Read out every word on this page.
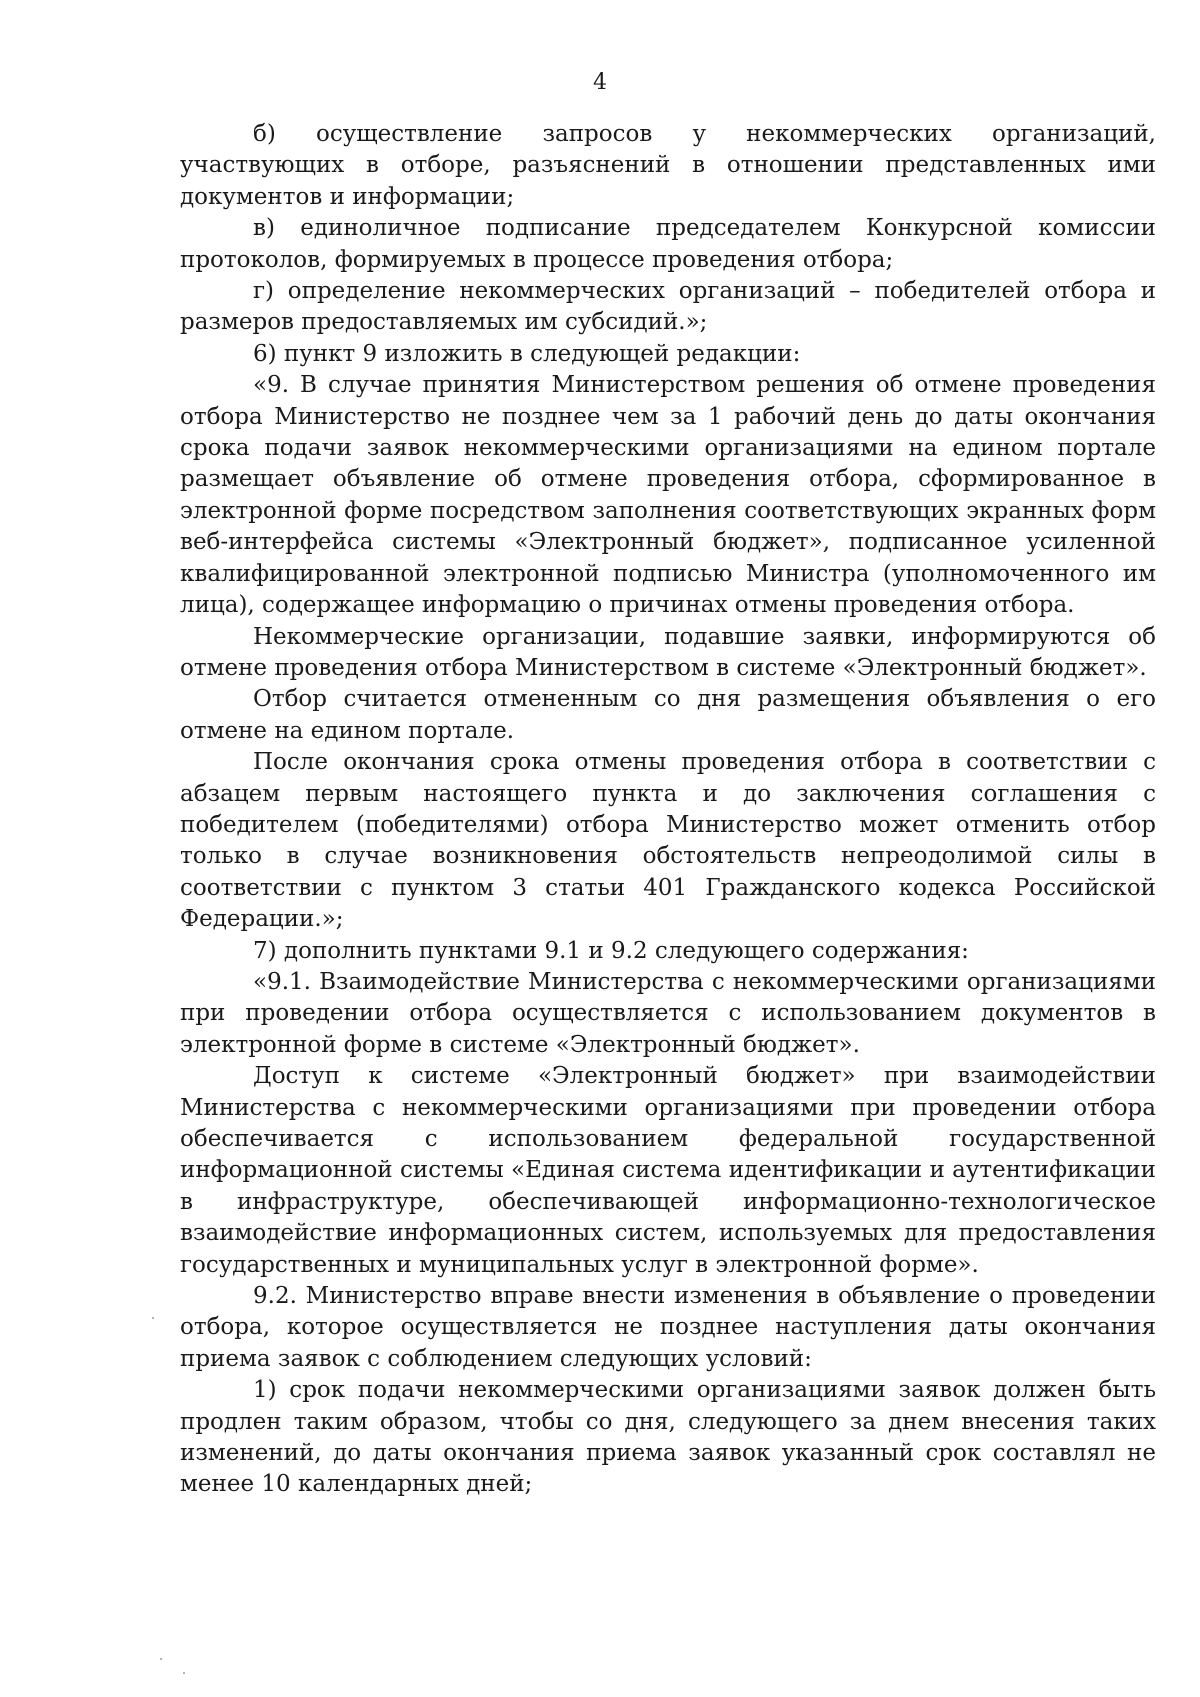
4

б) осуществление запросов у некоммерческих организаций, участвующих в отборе, разъяснений в отношении представленных ими документов и информации;

в) единоличное подписание председателем Конкурсной комиссии протоколов, формируемых в процессе проведения отбора;

г) определение некоммерческих организаций – победителей отбора и размеров предоставляемых им субсидий.»;

6) пункт 9 изложить в следующей редакции:

«9. В случае принятия Министерством решения об отмене проведения отбора Министерство не позднее чем за 1 рабочий день до даты окончания срока подачи заявок некоммерческими организациями на едином портале размещает объявление об отмене проведения отбора, сформированное в электронной форме посредством заполнения соответствующих экранных форм веб-интерфейса системы «Электронный бюджет», подписанное усиленной квалифицированной электронной подписью Министра (уполномоченного им лица), содержащее информацию о причинах отмены проведения отбора.

Некоммерческие организации, подавшие заявки, информируются об отмене проведения отбора Министерством в системе «Электронный бюджет».

Отбор считается отмененным со дня размещения объявления о его отмене на едином портале.

После окончания срока отмены проведения отбора в соответствии с абзацем первым настоящего пункта и до заключения соглашения с победителем (победителями) отбора Министерство может отменить отбор только в случае возникновения обстоятельств непреодолимой силы в соответствии с пунктом 3 статьи 401 Гражданского кодекса Российской Федерации.»;

7) дополнить пунктами 9.1 и 9.2 следующего содержания:

«9.1. Взаимодействие Министерства с некоммерческими организациями при проведении отбора осуществляется с использованием документов в электронной форме в системе «Электронный бюджет».

Доступ к системе «Электронный бюджет» при взаимодействии Министерства с некоммерческими организациями при проведении отбора обеспечивается с использованием федеральной государственной информационной системы «Единая система идентификации и аутентификации в инфраструктуре, обеспечивающей информационно-технологическое взаимодействие информационных систем, используемых для предоставления государственных и муниципальных услуг в электронной форме».

9.2. Министерство вправе внести изменения в объявление о проведении отбора, которое осуществляется не позднее наступления даты окончания приема заявок с соблюдением следующих условий:

1) срок подачи некоммерческими организациями заявок должен быть продлен таким образом, чтобы со дня, следующего за днем внесения таких изменений, до даты окончания приема заявок указанный срок составлял не менее 10 календарных дней;
